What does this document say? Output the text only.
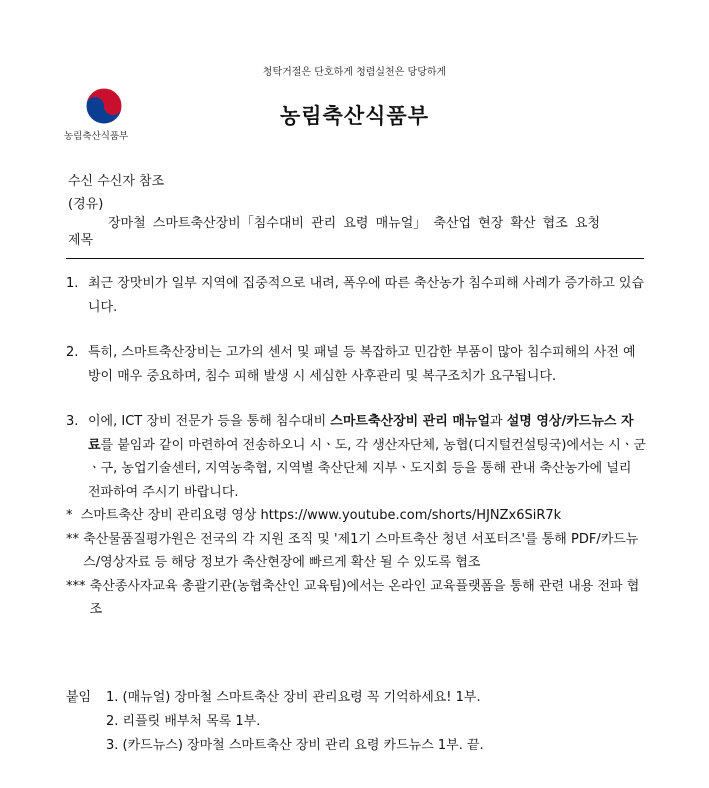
청탁거절은 단호하게 청렴실천은 당당하게
농림축산식품부
농림축산식품부
수신 수신자 참조
(경유)
제목
장마철 스마트축산장비「침수대비 관리 요령 매뉴얼」 축산업 현장 확산 협조 요청
1. 최근 장맛비가 일부 지역에 집중적으로 내려, 폭우에 따른 축산농가 침수피해 사례가 증가하고 있습니다.
2. 특히, 스마트축산장비는 고가의 센서 및 패널 등 복잡하고 민감한 부품이 많아 침수피해의 사전 예방이 매우 중요하며, 침수 피해 발생 시 세심한 사후관리 및 복구조치가 요구됩니다.
3. 이에, ICT 장비 전문가 등을 통해 침수대비 스마트축산장비 관리 매뉴얼과 설명 영상/카드뉴스 자료를 붙임과 같이 마련하여 전송하오니 시ㆍ도, 각 생산자단체, 농협(디지털컨설팅국)에서는 시ㆍ군ㆍ구, 농업기술센터, 지역농축협, 지역별 축산단체 지부ㆍ도지회 등을 통해 관내 축산농가에 널리 전파하여 주시기 바랍니다.
* 스마트축산 장비 관리요령 영상 https://www.youtube.com/shorts/HJNZx6SiR7k
** 축산물품질평가원은 전국의 각 지원 조직 및 '제1기 스마트축산 청년 서포터즈'를 통해 PDF/카드뉴스/영상자료 등 해당 정보가 축산현장에 빠르게 확산 될 수 있도록 협조
*** 축산종사자교육 총괄기관(농협축산인 교육팀)에서는 온라인 교육플랫폼을 통해 관련 내용 전파 협조
붙임	1. (매뉴얼) 장마철 스마트축산 장비 관리요령 꼭 기억하세요! 1부.
2. 리플릿 배부처 목록 1부.
3. (카드뉴스) 장마철 스마트축산 장비 관리 요령 카드뉴스 1부. 끝.
